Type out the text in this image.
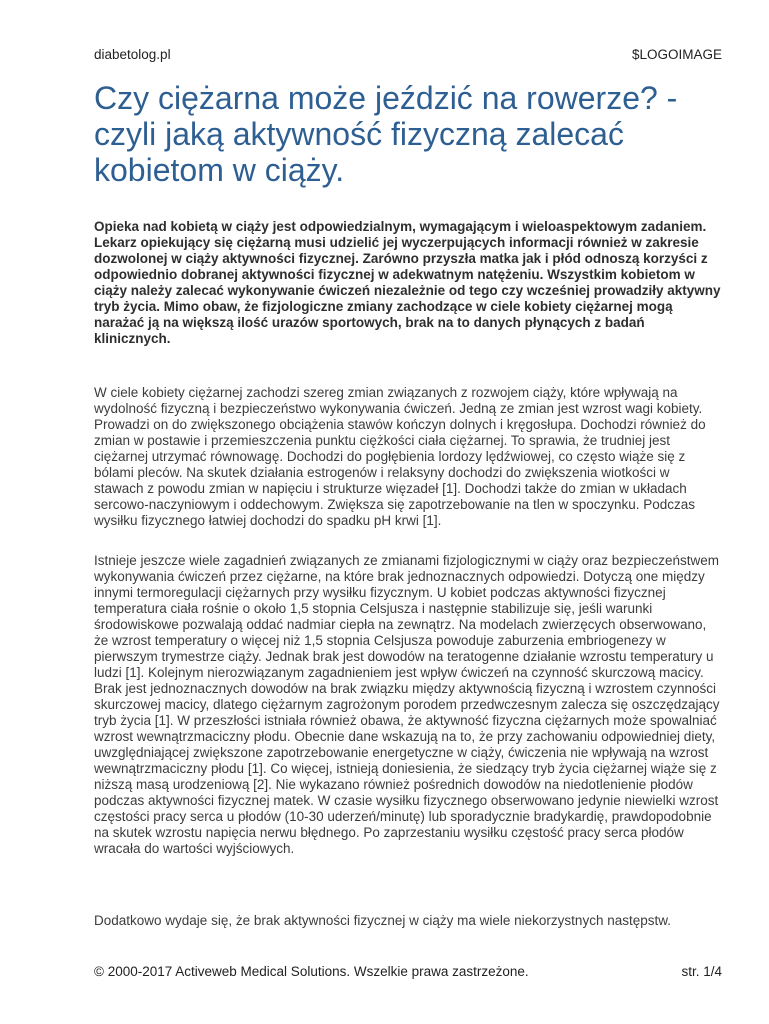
diabetolog.pl	$LOGOIMAGE
Czy ciężarna może jeździć na rowerze? - czyli jaką aktywność fizyczną zalecać kobietom w ciąży.

Opieka nad kobietą w ciąży jest odpowiedzialnym, wymagającym i wieloaspektowym zadaniem. Lekarz opiekujący się ciężarną musi udzielić jej wyczerpujących informacji również w zakresie dozwolonej w ciąży aktywności fizycznej. Zarówno przyszła matka jak i płód odnoszą korzyści z odpowiednio dobranej aktywności fizycznej w adekwatnym natężeniu. Wszystkim kobietom w ciąży należy zalecać wykonywanie ćwiczeń niezależnie od tego czy wcześniej prowadziły aktywny tryb życia. Mimo obaw, że fizjologiczne zmiany zachodzące w ciele kobiety ciężarnej mogą narażać ją na większą ilość urazów sportowych, brak na to danych płynących z badań klinicznych.

W ciele kobiety ciężarnej zachodzi szereg zmian związanych z rozwojem ciąży, które wpływają na wydolność fizyczną i bezpieczeństwo wykonywania ćwiczeń. Jedną ze zmian jest wzrost wagi kobiety. Prowadzi on do zwiększonego obciążenia stawów kończyn dolnych i kręgosłupa. Dochodzi również do zmian w postawie i przemieszczenia punktu ciężkości ciała ciężarnej. To sprawia, że trudniej jest ciężarnej utrzymać równowagę. Dochodzi do pogłębienia lordozy lędźwiowej, co często wiąże się z bólami pleców. Na skutek działania estrogenów i relaksyny dochodzi do zwiększenia wiotkości w stawach z powodu zmian w napięciu i strukturze więzadeł [1]. Dochodzi także do zmian w układach sercowo-naczyniowym i oddechowym. Zwiększa się zapotrzebowanie na tlen w spoczynku. Podczas wysiłku fizycznego łatwiej dochodzi do spadku pH krwi [1].

Istnieje jeszcze wiele zagadnień związanych ze zmianami fizjologicznymi w ciąży oraz bezpieczeństwem wykonywania ćwiczeń przez ciężarne, na które brak jednoznacznych odpowiedzi. Dotyczą one między innymi termoregulacji ciężarnych przy wysiłku fizycznym. U kobiet podczas aktywności fizycznej temperatura ciała rośnie o około 1,5 stopnia Celsjusza i następnie stabilizuje się, jeśli warunki środowiskowe pozwalają oddać nadmiar ciepła na zewnątrz. Na modelach zwierzęcych obserwowano, że wzrost temperatury o więcej niż 1,5 stopnia Celsjusza powoduje zaburzenia embriogenezy w pierwszym trymestrze ciąży. Jednak brak jest dowodów na teratogenne działanie wzrostu temperatury u ludzi [1]. Kolejnym nierozwiązanym zagadnieniem jest wpływ ćwiczeń na czynność skurczową macicy. Brak jest jednoznacznych dowodów na brak związku między aktywnością fizyczną i wzrostem czynności skurczowej macicy, dlatego ciężarnym zagrożonym porodem przedwczesnym zalecza się oszczędzający tryb życia [1]. W przeszłości istniała również obawa, że aktywność fizyczna ciężarnych może spowalniać wzrost wewnątrzmaciczny płodu. Obecnie dane wskazują na to, że przy zachowaniu odpowiedniej diety, uwzględniającej zwiększone zapotrzebowanie energetyczne w ciąży, ćwiczenia nie wpływają na wzrost wewnątrzmaciczny płodu [1]. Co więcej, istnieją doniesienia, że siedzący tryb życia ciężarnej wiąże się z niższą masą urodzeniową [2]. Nie wykazano również pośrednich dowodów na niedotlenienie płodów podczas aktywności fizycznej matek. W czasie wysiłku fizycznego obserwowano jedynie niewielki wzrost częstości pracy serca u płodów (10-30 uderzeń/minutę) lub sporadycznie bradykardię, prawdopodobnie na skutek wzrostu napięcia nerwu błędnego. Po zaprzestaniu wysiłku częstość pracy serca płodów wracała do wartości wyjściowych.

Dodatkowo wydaje się, że brak aktywności fizycznej w ciąży ma wiele niekorzystnych następstw.

© 2000-2017 Activeweb Medical Solutions. Wszelkie prawa zastrzeżone.	str. 1/4
